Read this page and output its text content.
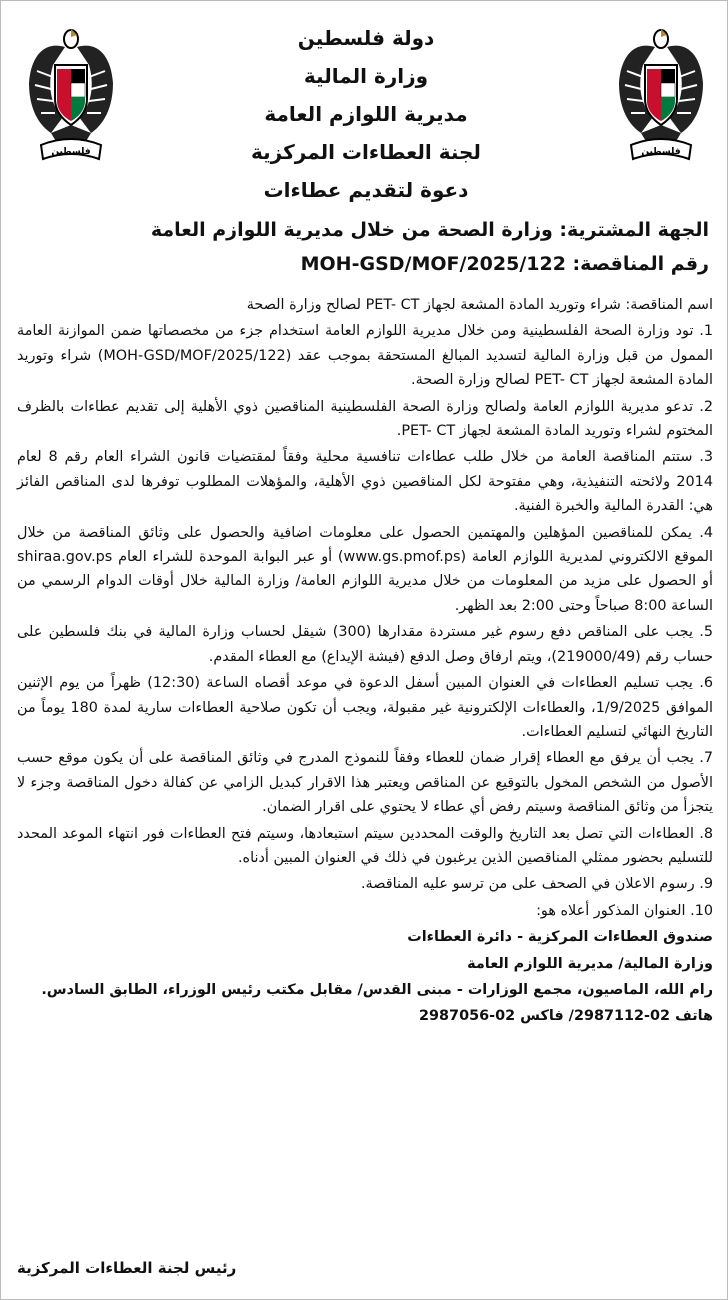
فلسطين
فلسطين
دولة فلسطين
وزارة المالية
مديرية اللوازم العامة
لجنة العطاءات المركزية
دعوة لتقديم عطاءات
الجهة المشترية: وزارة الصحة من خلال مديرية اللوازم العامة
رقم المناقصة: MOH-GSD/MOF/2025/122

اسم المناقصة: شراء وتوريد المادة المشعة لجهاز PET- CT لصالح وزارة الصحة

1. تود وزارة الصحة الفلسطينية ومن خلال مديرية اللوازم العامة استخدام جزء من مخصصاتها ضمن الموازنة العامة الممول من قبل وزارة المالية لتسديد المبالغ المستحقة بموجب عقد (MOH-GSD/MOF/2025/122) شراء وتوريد المادة المشعة لجهاز PET- CT لصالح وزارة الصحة.

2. تدعو مديرية اللوازم العامة ولصالح وزارة الصحة الفلسطينية المناقصين ذوي الأهلية إلى تقديم عطاءات بالظرف المختوم لشراء وتوريد المادة المشعة لجهاز PET- CT.

3. ستتم المناقصة العامة من خلال طلب عطاءات تنافسية محلية وفقاً لمقتضيات قانون الشراء العام رقم 8 لعام 2014 ولائحته التنفيذية، وهي مفتوحة لكل المناقصين ذوي الأهلية، والمؤهلات المطلوب توفرها لدى المناقص الفائز هي: القدرة المالية والخبرة الفنية.

4. يمكن للمناقصين المؤهلين والمهتمين الحصول على معلومات اضافية والحصول على وثائق المناقصة من خلال الموقع الالكتروني لمديرية اللوازم العامة (www.gs.pmof.ps) أو عبر البوابة الموحدة للشراء العام shiraa.gov.ps أو الحصول على مزيد من المعلومات من خلال مديرية اللوازم العامة/ وزارة المالية خلال أوقات الدوام الرسمي من الساعة 8:00 صباحاً وحتى 2:00 بعد الظهر.

5. يجب على المناقص دفع رسوم غير مستردة مقدارها (300) شيقل لحساب وزارة المالية في بنك فلسطين على حساب رقم (219000/49)، ويتم ارفاق وصل الدفع (فيشة الإيداع) مع العطاء المقدم.

6. يجب تسليم العطاءات في العنوان المبين أسفل الدعوة في موعد أقصاه الساعة (12:30) ظهراً من يوم الإثنين الموافق 1/9/2025، والعطاءات الإلكترونية غير مقبولة، ويجب أن تكون صلاحية العطاءات سارية لمدة 180 يوماً من التاريخ النهائي لتسليم العطاءات.

7. يجب أن يرفق مع العطاء إقرار ضمان للعطاء وفقاً للنموذج المدرج في وثائق المناقصة على أن يكون موقع حسب الأصول من الشخص المخول بالتوقيع عن المناقص ويعتبر هذا الاقرار كبديل الزامي عن كفالة دخول المناقصة وجزء لا يتجزأ من وثائق المناقصة وسيتم رفض أي عطاء لا يحتوي على اقرار الضمان.

8. العطاءات التي تصل بعد التاريخ والوقت المحددين سيتم استبعادها، وسيتم فتح العطاءات فور انتهاء الموعد المحدد للتسليم بحضور ممثلي المناقصين الذين يرغبون في ذلك في العنوان المبين أدناه.

9. رسوم الاعلان في الصحف على من ترسو عليه المناقصة.

10. العنوان المذكور أعلاه هو:

صندوق العطاءات المركزية - دائرة العطاءات

وزارة المالية/ مديرية اللوازم العامة

رام الله، الماصيون، مجمع الوزارات - مبنى القدس/ مقابل مكتب رئيس الوزراء، الطابق السادس.

هاتف 02-2987112/ فاكس 02-2987056

رئيس لجنة العطاءات المركزية
